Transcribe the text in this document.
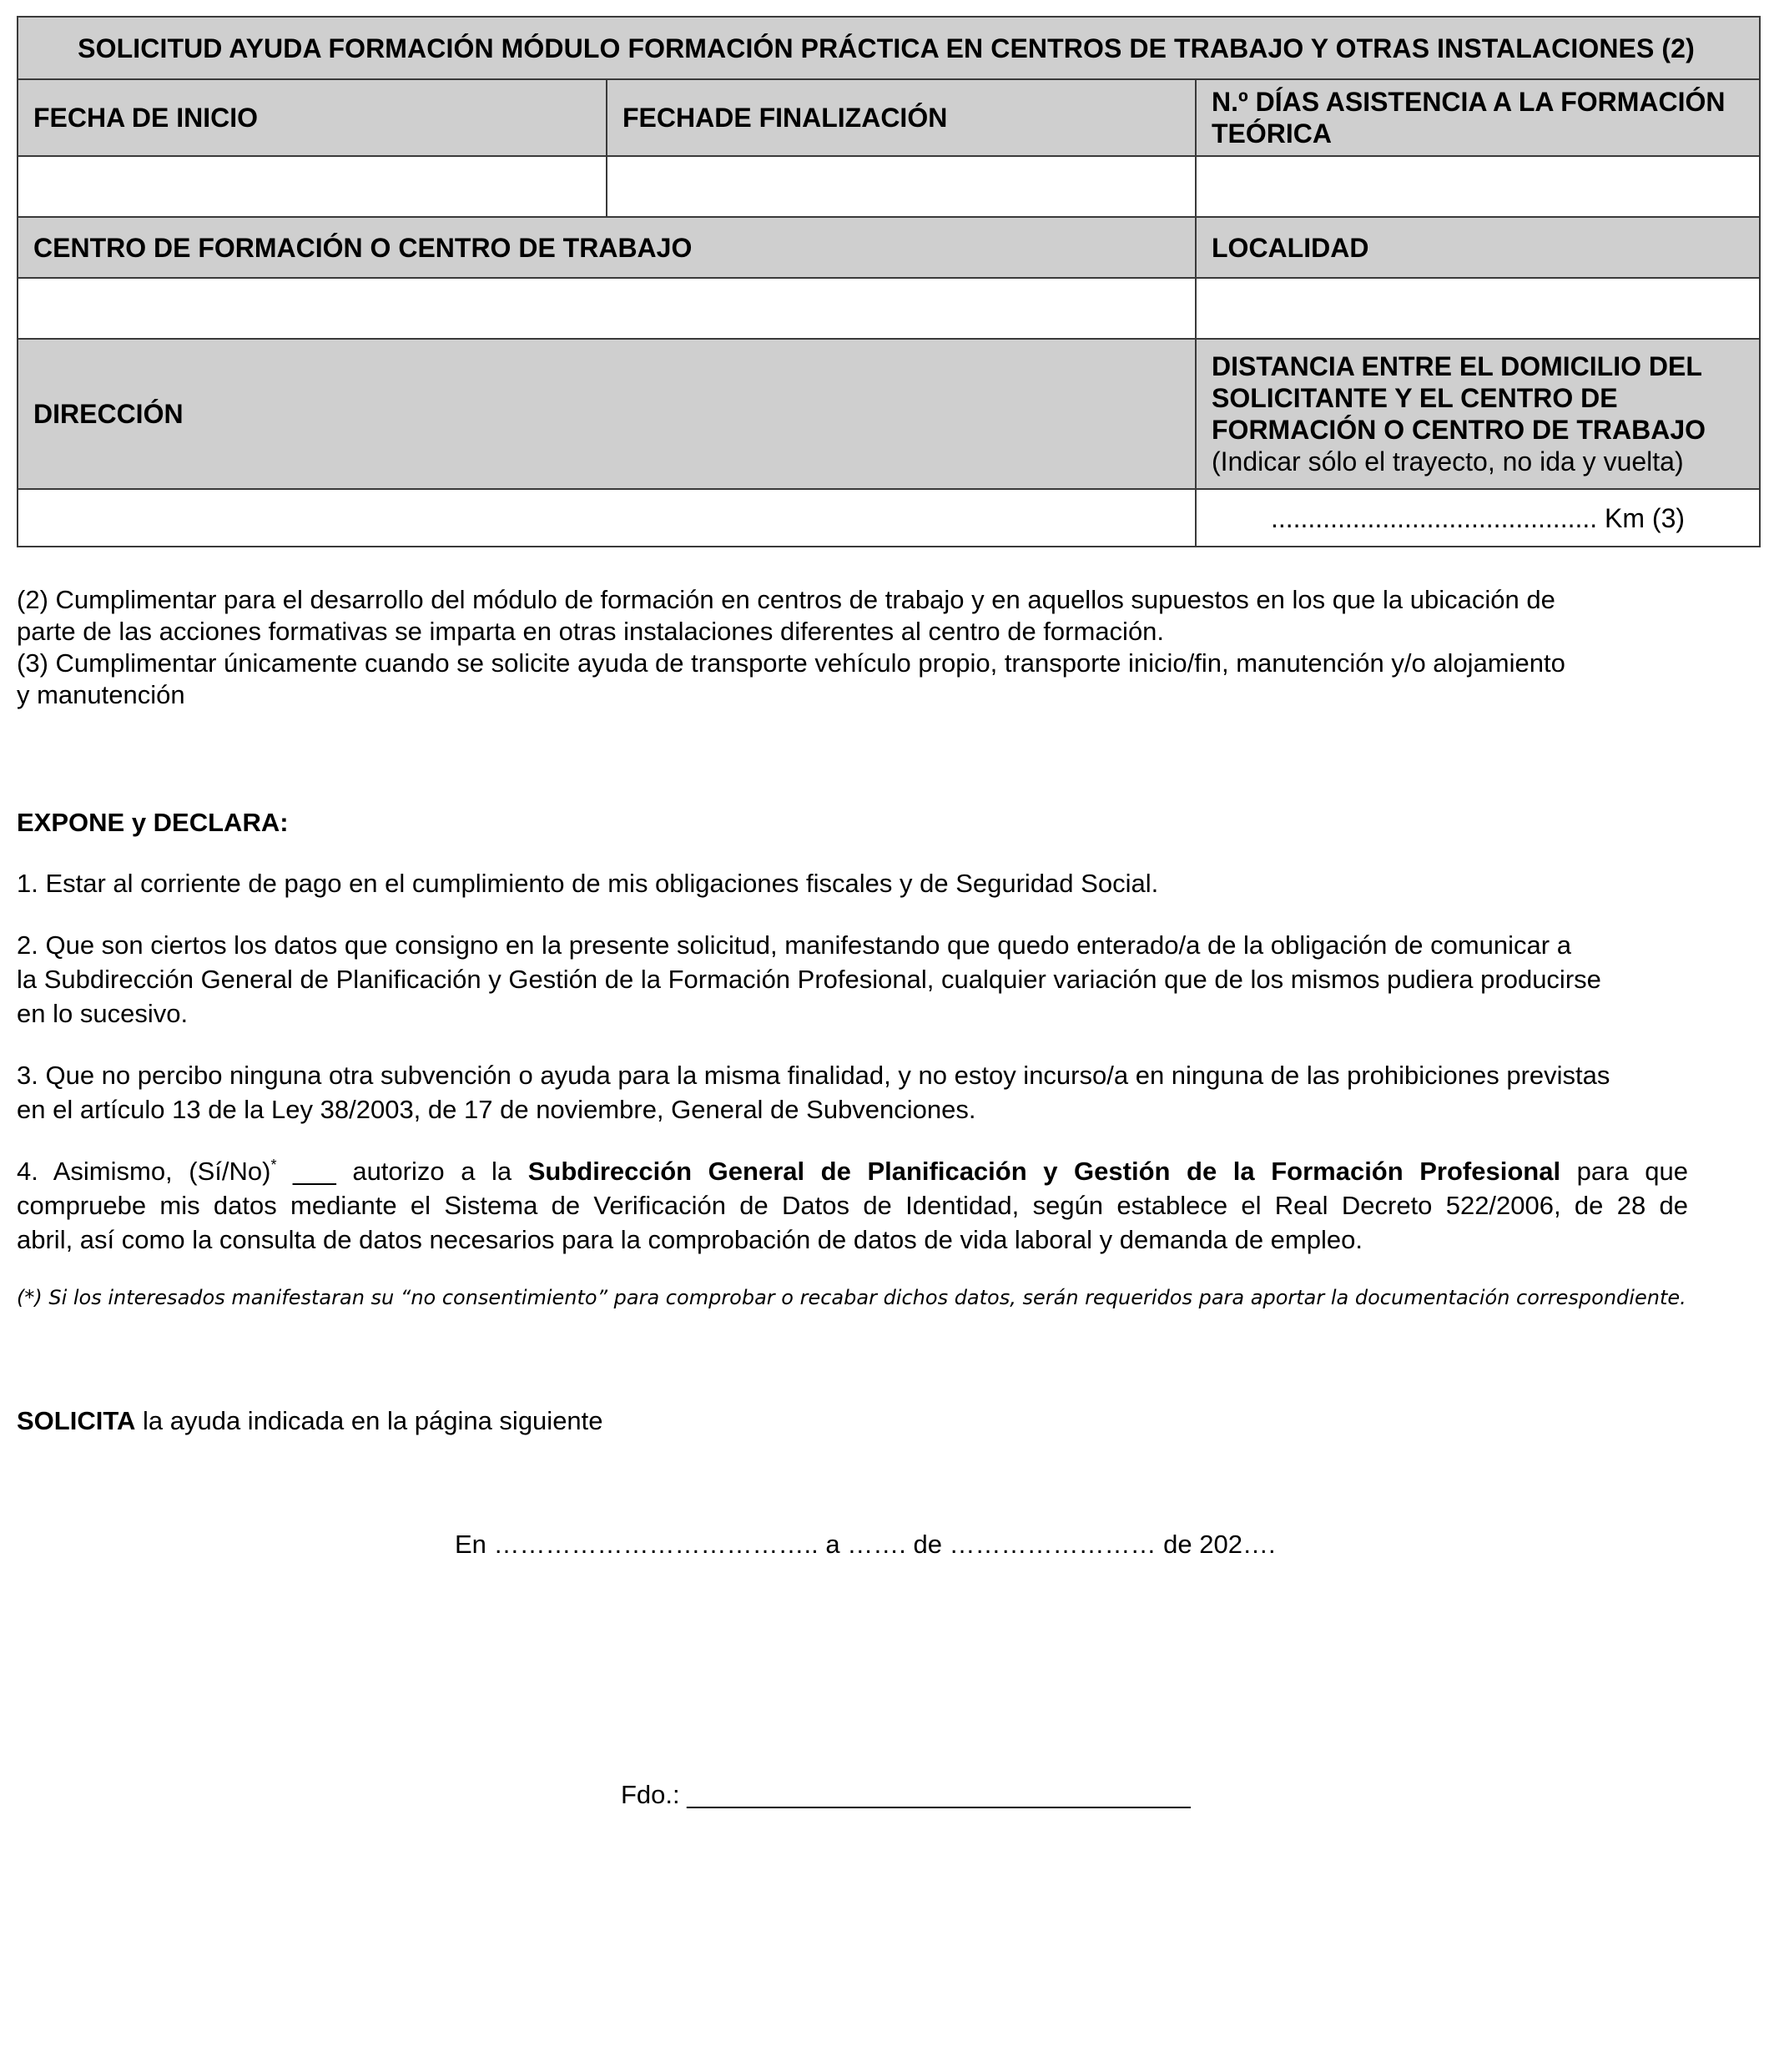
SOLICITUD AYUDA FORMACIÓN MÓDULO FORMACIÓN PRÁCTICA EN CENTROS DE TRABAJO Y OTRAS INSTALACIONES (2)
FECHA DE INICIO	FECHADE FINALIZACIÓN
N.º DÍAS ASISTENCIA A LA FORMACIÓN TEÓRICA
CENTRO DE FORMACIÓN O CENTRO DE TRABAJO	LOCALIDAD
DIRECCIÓN
DISTANCIA ENTRE EL DOMICILIO DEL SOLICITANTE Y EL CENTRO DE FORMACIÓN O CENTRO DE TRABAJO
(Indicar sólo el trayecto, no ida y vuelta)
............................................ Km (3)
(2) Cumplimentar para el desarrollo del módulo de formación en centros de trabajo y en aquellos supuestos en los que la ubicación de
parte de las acciones formativas se imparta en otras instalaciones diferentes al centro de formación.
(3) Cumplimentar únicamente cuando se solicite ayuda de transporte vehículo propio, transporte inicio/fin, manutención y/o alojamiento
y manutención
EXPONE y DECLARA:
1. Estar al corriente de pago en el cumplimiento de mis obligaciones fiscales y de Seguridad Social.
2. Que son ciertos los datos que consigno en la presente solicitud, manifestando que quedo enterado/a de la obligación de comunicar a
la Subdirección General de Planificación y Gestión de la Formación Profesional, cualquier variación que de los mismos pudiera producirse
en lo sucesivo.
3. Que no percibo ninguna otra subvención o ayuda para la misma finalidad, y no estoy incurso/a en ninguna de las prohibiciones previstas
en el artículo 13 de la Ley 38/2003, de 17 de noviembre, General de Subvenciones.
4. Asimismo, (Sí/No)* ___ autorizo a la Subdirección General de Planificación y Gestión de la Formación Profesional para que
compruebe mis datos mediante el Sistema de Verificación de Datos de Identidad, según establece el Real Decreto 522/2006, de 28 de
abril, así como la consulta de datos necesarios para la comprobación de datos de vida laboral y demanda de empleo.
(*) Si los interesados manifestaran su “no consentimiento” para comprobar o recabar dichos datos, serán requeridos para aportar la documentación correspondiente.
SOLICITA la ayuda indicada en la página siguiente
En ……………………………….. a ……. de …………………… de 202….
Fdo.: ___________________________________
